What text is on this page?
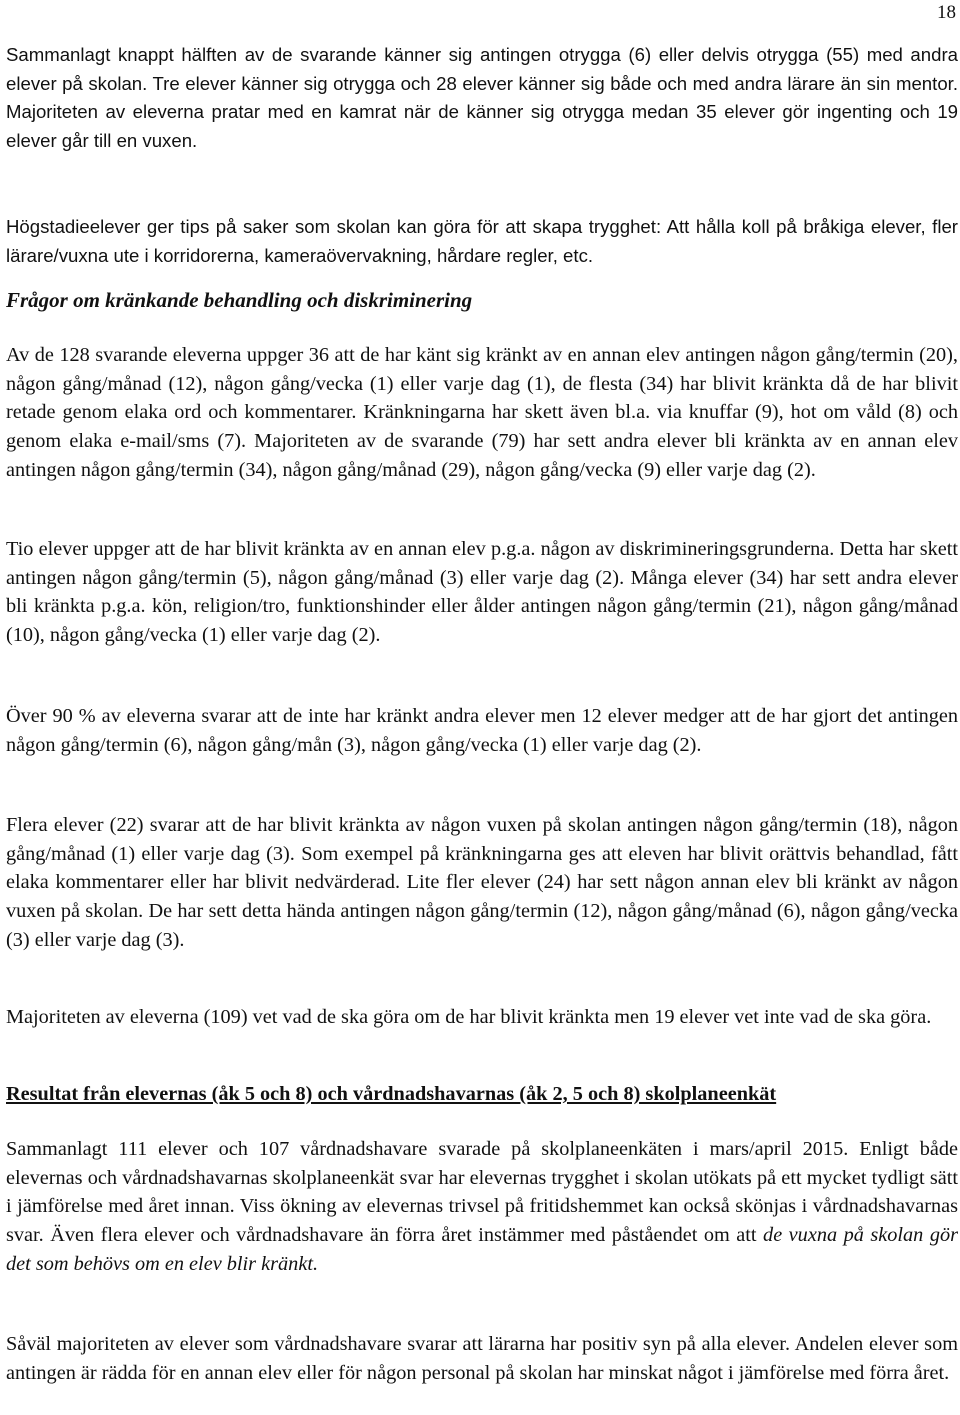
18

Sammanlagt knappt hälften av de svarande känner sig antingen otrygga (6) eller delvis otrygga (55) med andra elever på skolan. Tre elever känner sig otrygga och 28 elever känner sig både och med andra lärare än sin mentor. Majoriteten av eleverna pratar med en kamrat när de känner sig otrygga medan 35 elever gör ingenting och 19 elever går till en vuxen.

Högstadieelever ger tips på saker som skolan kan göra för att skapa trygghet: Att hålla koll på bråkiga elever, fler lärare/vuxna ute i korridorerna, kameraövervakning, hårdare regler, etc.

Frågor om kränkande behandling och diskriminering

Av de 128 svarande eleverna uppger 36 att de har känt sig kränkt av en annan elev antingen någon gång/termin (20), någon gång/månad (12), någon gång/vecka (1) eller varje dag (1), de flesta (34) har blivit kränkta då de har blivit retade genom elaka ord och kommentarer. Kränkningarna har skett även bl.a. via knuffar (9), hot om våld (8) och genom elaka e-mail/sms (7). Majoriteten av de svarande (79) har sett andra elever bli kränkta av en annan elev antingen någon gång/termin (34), någon gång/månad (29), någon gång/vecka (9) eller varje dag (2).

Tio elever uppger att de har blivit kränkta av en annan elev p.g.a. någon av diskrimineringsgrunderna. Detta har skett antingen någon gång/termin (5), någon gång/månad (3) eller varje dag (2). Många elever (34) har sett andra elever bli kränkta p.g.a. kön, religion/tro, funktionshinder eller ålder antingen någon gång/termin (21), någon gång/månad (10), någon gång/vecka (1) eller varje dag (2).

Över 90 % av eleverna svarar att de inte har kränkt andra elever men 12 elever medger att de har gjort det antingen någon gång/termin (6), någon gång/mån (3), någon gång/vecka (1) eller varje dag (2).

Flera elever (22) svarar att de har blivit kränkta av någon vuxen på skolan antingen någon gång/termin (18), någon gång/månad (1) eller varje dag (3). Som exempel på kränkningarna ges att eleven har blivit orättvis behandlad, fått elaka kommentarer eller har blivit nedvärderad. Lite fler elever (24) har sett någon annan elev bli kränkt av någon vuxen på skolan. De har sett detta hända antingen någon gång/termin (12), någon gång/månad (6), någon gång/vecka (3) eller varje dag (3).

Majoriteten av eleverna (109) vet vad de ska göra om de har blivit kränkta men 19 elever vet inte vad de ska göra.

Resultat från elevernas (åk 5 och 8) och vårdnadshavarnas (åk 2, 5 och 8) skolplaneenkät

Sammanlagt 111 elever och 107 vårdnadshavare svarade på skolplaneenkäten i mars/april 2015. Enligt både elevernas och vårdnadshavarnas skolplaneenkät svar har elevernas trygghet i skolan utökats på ett mycket tydligt sätt i jämförelse med året innan. Viss ökning av elevernas trivsel på fritidshemmet kan också skönjas i vårdnadshavarnas svar. Även flera elever och vårdnadshavare än förra året instämmer med påståendet om att de vuxna på skolan gör det som behövs om en elev blir kränkt.

Såväl majoriteten av elever som vårdnadshavare svarar att lärarna har positiv syn på alla elever. Andelen elever som antingen är rädda för en annan elev eller för någon personal på skolan har minskat något i jämförelse med förra året.
